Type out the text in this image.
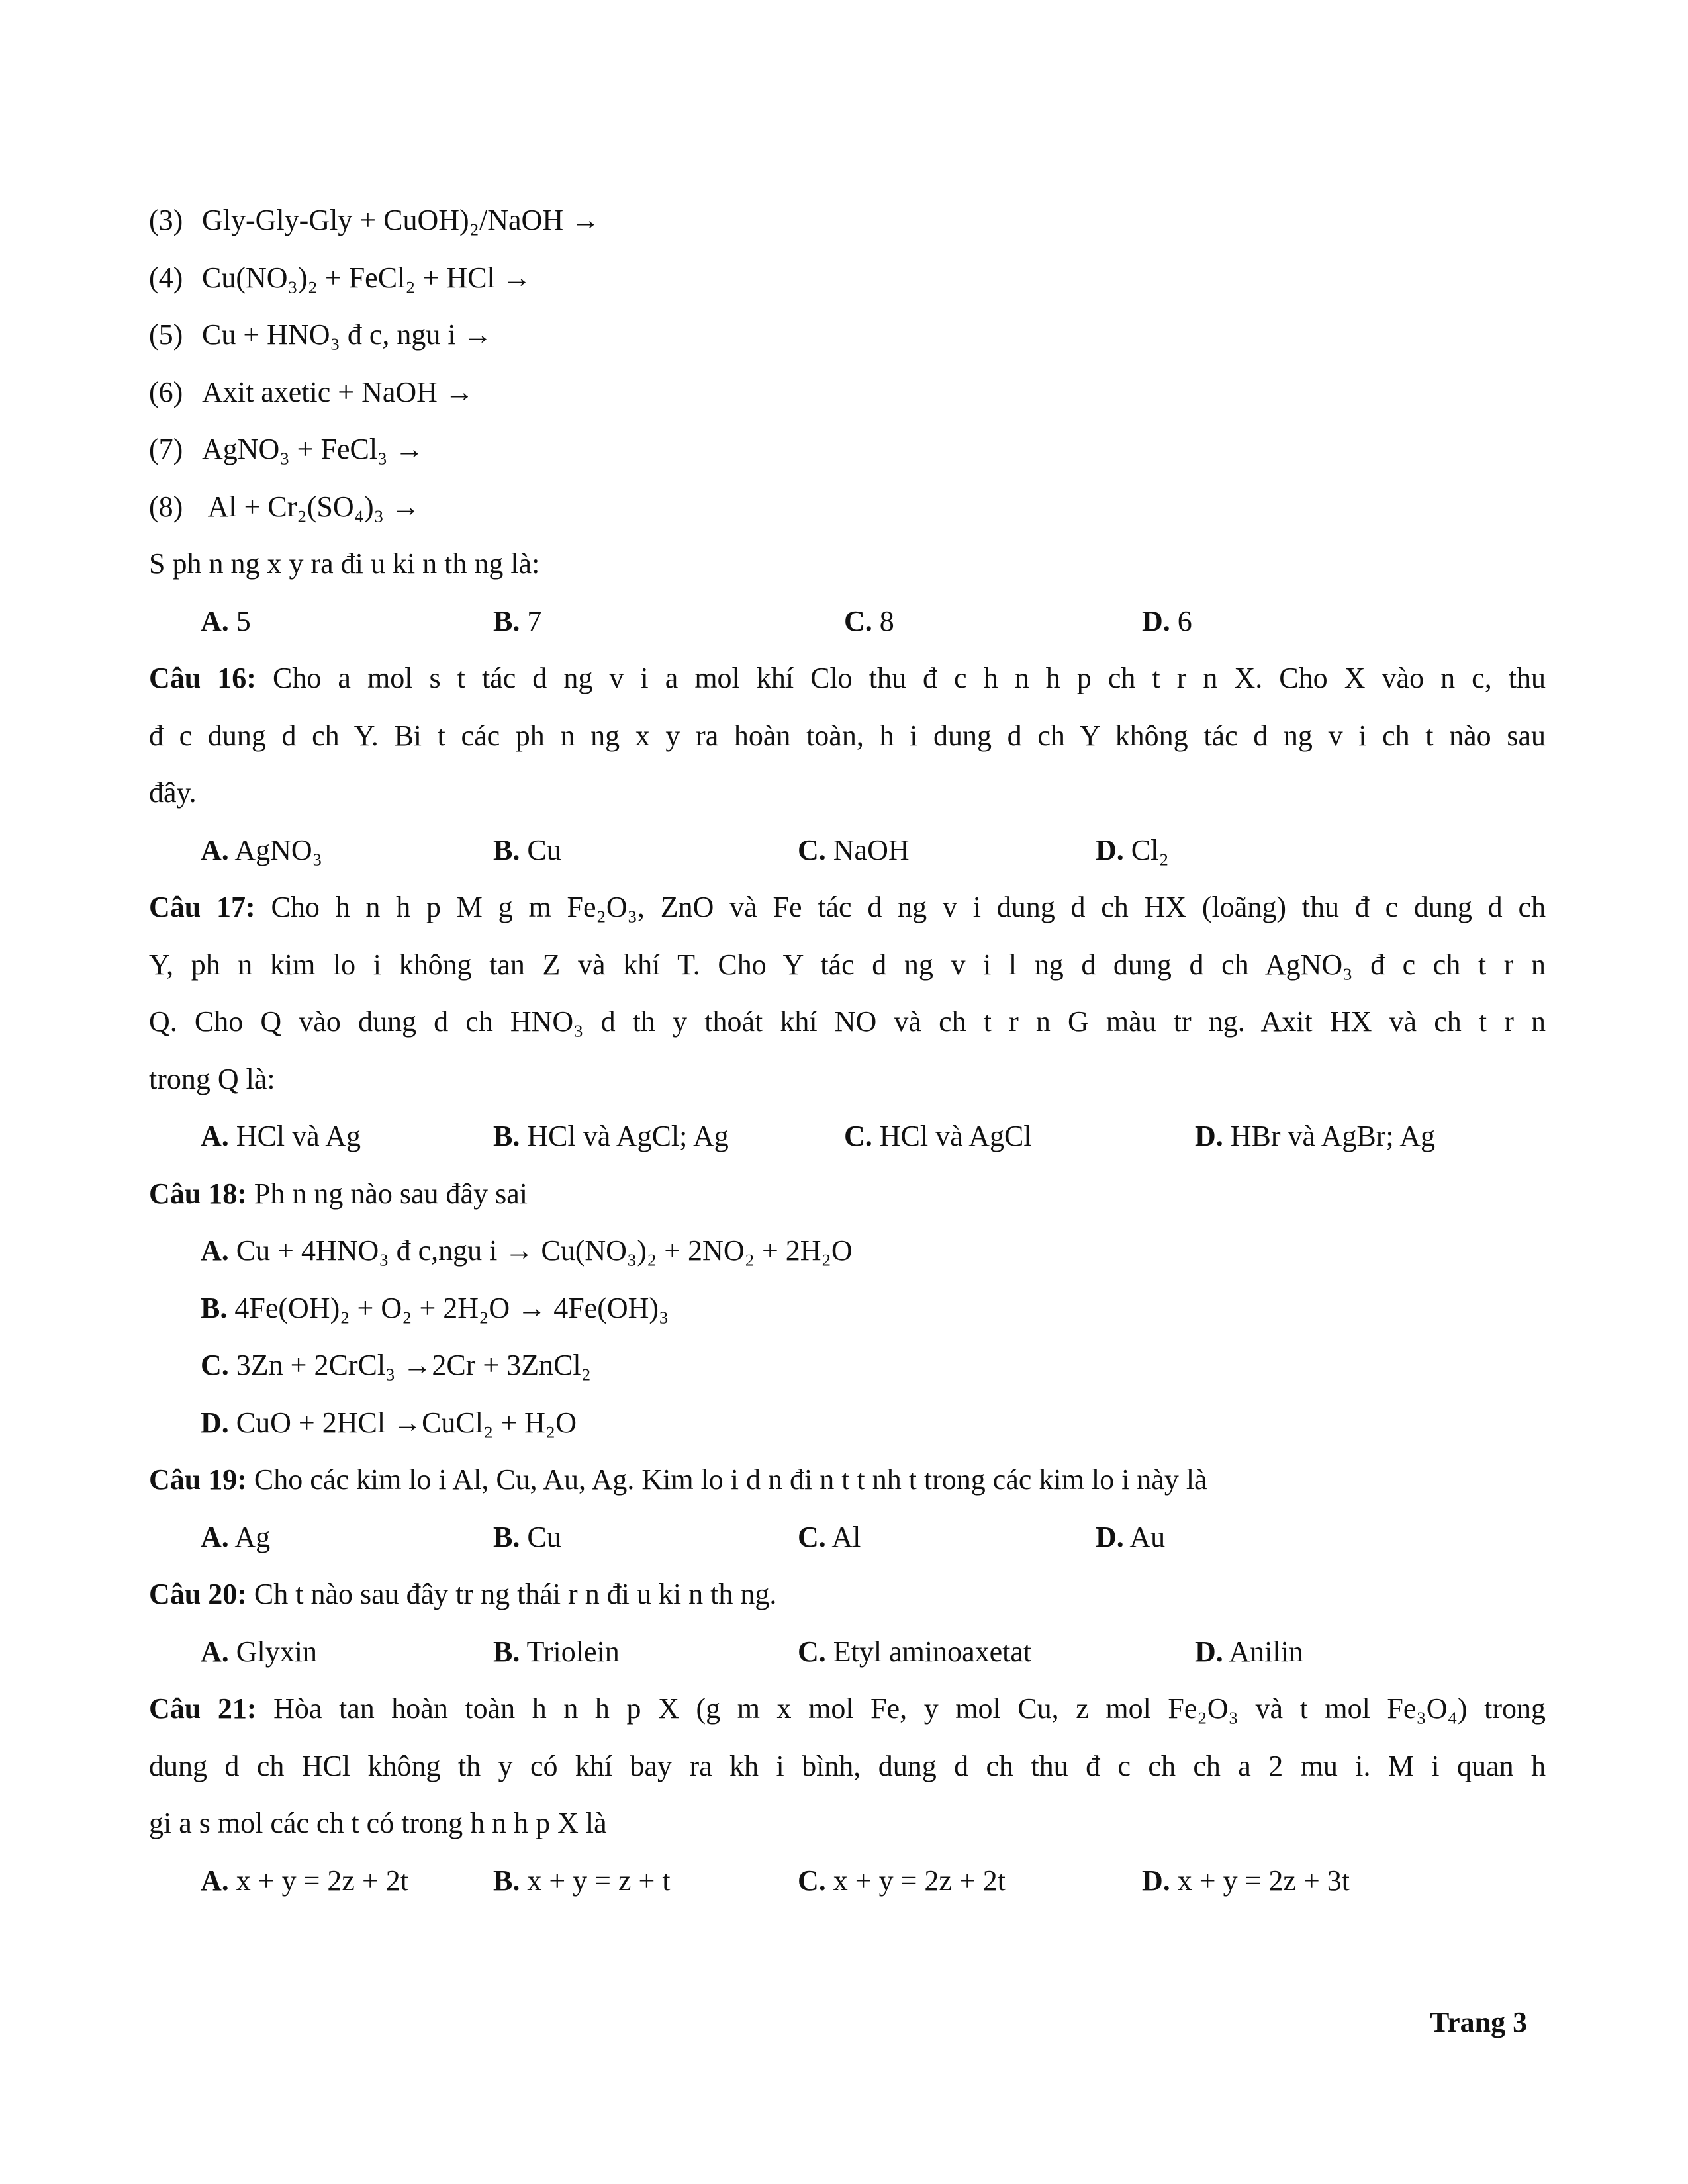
(3) Gly-Gly-Gly + CuOH)₂/NaOH →
(4) Cu(NO₃)₂ + FeCl₂ + HCl →
(5) Cu + HNO₃ đ c, ngu i →
(6) Axit axetic + NaOH →
(7) AgNO₃ + FeCl₃ →
(8) Al + Cr₂(SO₄)₃ →
S ph n ng x y ra đi u ki n th ng là:
A. 5	B. 7	C. 8	D. 6
Câu 16: Cho a mol s t tác d ng v i a mol khí Clo thu đ c h n h p ch t r n X. Cho X vào n c, thu
đ c dung d ch Y. Bi t các ph n ng x y ra hoàn toàn, h i dung d ch Y không tác d ng v i ch t nào sau
đây.
A. AgNO₃	B. Cu	C. NaOH	D. Cl₂
Câu 17: Cho h n h p M g m Fe₂O₃, ZnO và Fe tác d ng v i dung d ch HX (loãng) thu đ c dung d ch
Y, ph n kim lo i không tan Z và khí T. Cho Y tác d ng v i l ng d dung d ch AgNO₃ đ c ch t r n
Q. Cho Q vào dung d ch HNO₃ d th y thoát khí NO và ch t r n G màu tr ng. Axit HX và ch t r n
trong Q là:
A. HCl và Ag	B. HCl và AgCl; Ag	C. HCl và AgCl	D. HBr và AgBr; Ag
Câu 18: Ph n ng nào sau đây sai
A. Cu + 4HNO₃ đ c,ngu i → Cu(NO₃)₂ + 2NO₂ + 2H₂O
B. 4Fe(OH)₂ + O₂ + 2H₂O → 4Fe(OH)₃
C. 3Zn + 2CrCl₃ →2Cr + 3ZnCl₂
D. CuO + 2HCl →CuCl₂ + H₂O
Câu 19: Cho các kim lo i Al, Cu, Au, Ag. Kim lo i d n đi n t t nh t trong các kim lo i này là
A. Ag	B. Cu	C. Al	D. Au
Câu 20: Ch t nào sau đây tr ng thái r n đi u ki n th ng.
A. Glyxin	B. Triolein	C. Etyl aminoaxetat	D. Anilin
Câu 21: Hòa tan hoàn toàn h n h p X (g m x mol Fe, y mol Cu, z mol Fe₂O₃ và t mol Fe₃O₄) trong
dung d ch HCl không th y có khí bay ra kh i bình, dung d ch thu đ c ch ch a 2 mu i. M i quan h
gi a s mol các ch t có trong h n h p X là
A. x + y = 2z + 2t	B. x + y = z + t	C. x + y = 2z + 2t	D. x + y = 2z + 3t
Trang 3
